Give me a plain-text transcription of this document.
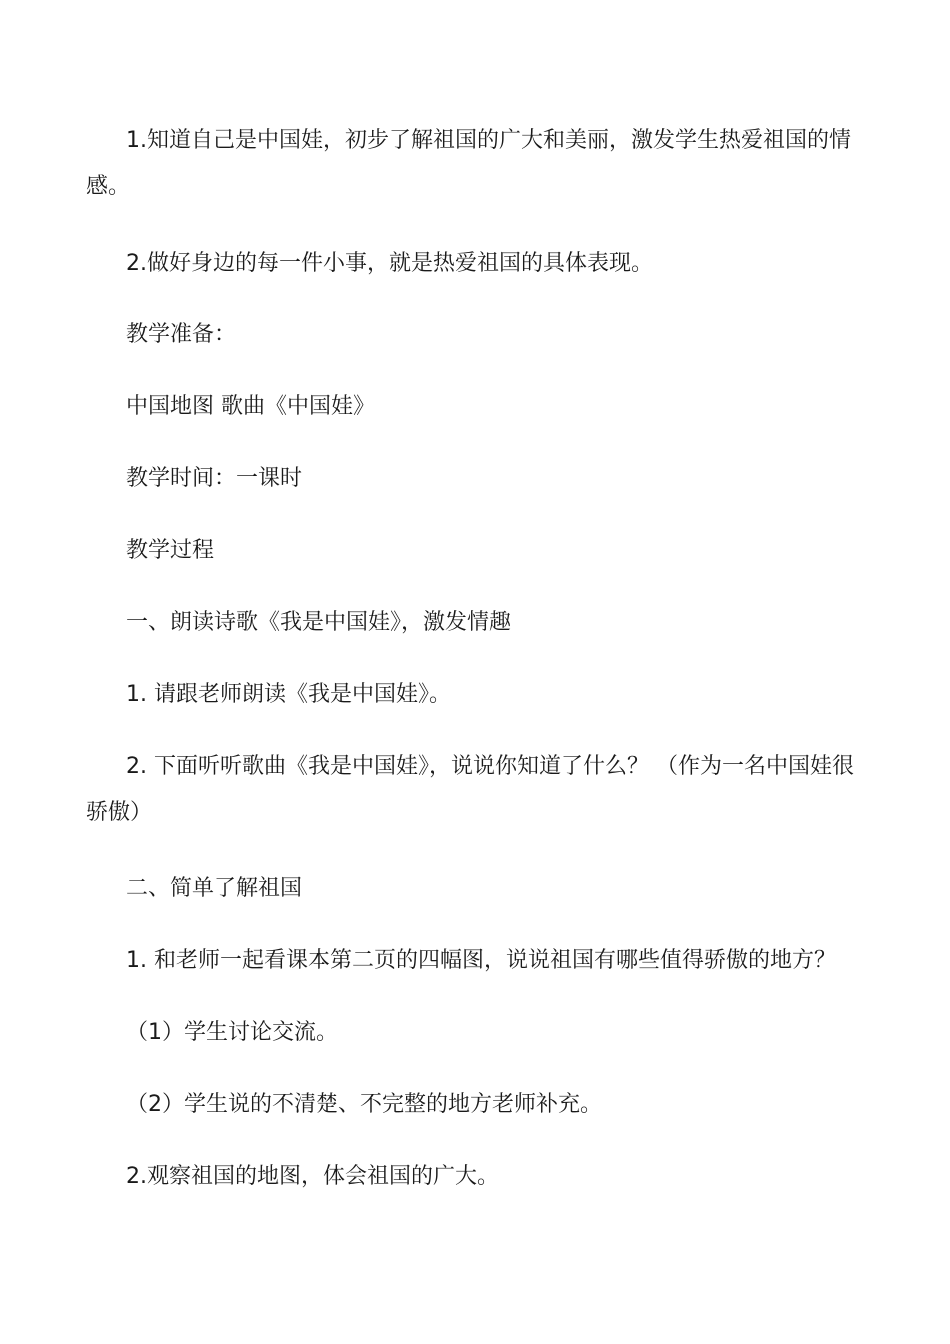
1.知道自己是中国娃，初步了解祖国的广大和美丽，激发学生热爱祖国的情感。

2.做好身边的每一件小事，就是热爱祖国的具体表现。

教学准备：

中国地图 歌曲《中国娃》

教学时间：一课时

教学过程

一、朗读诗歌《我是中国娃》，激发情趣

1. 请跟老师朗读《我是中国娃》。

2. 下面听听歌曲《我是中国娃》，说说你知道了什么？ （作为一名中国娃很骄傲）

二、简单了解祖国

1. 和老师一起看课本第二页的四幅图，说说祖国有哪些值得骄傲的地方？

（1）学生讨论交流。

（2）学生说的不清楚、不完整的地方老师补充。

2.观察祖国的地图，体会祖国的广大。
